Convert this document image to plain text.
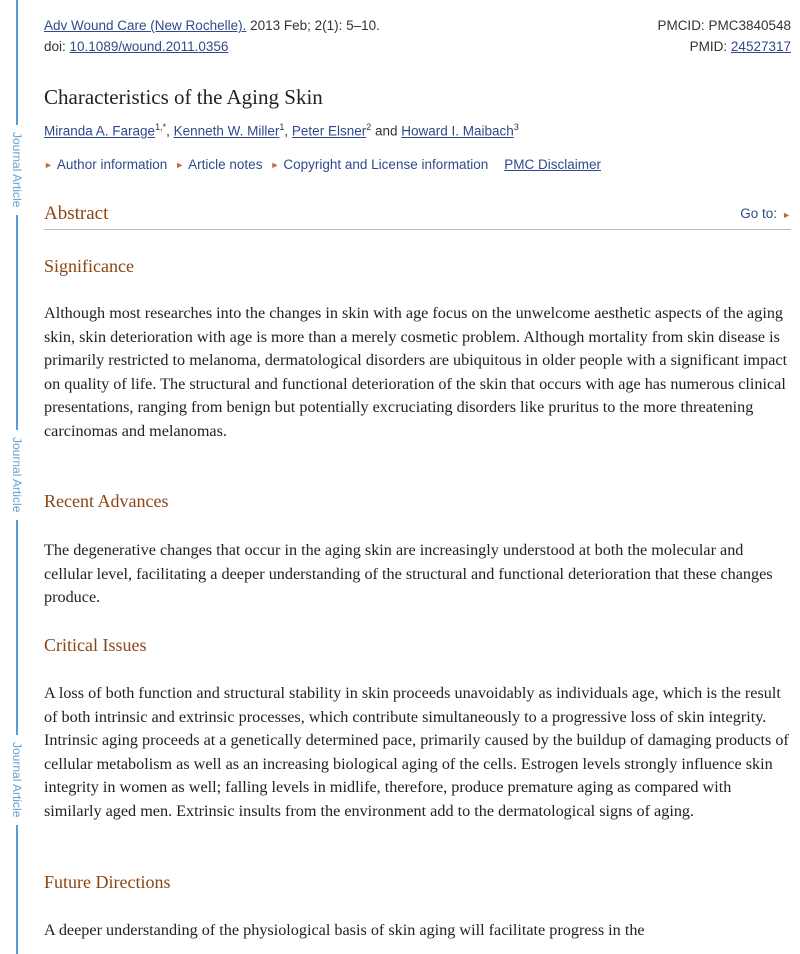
Journal Article
Journal Article
Journal Article
Adv Wound Care (New Rochelle). 2013 Feb; 2(1): 5–10.	PMCID: PMC3840548
doi: 10.1089/wound.2011.0356	PMID: 24527317
Characteristics of the Aging Skin
Miranda A. Farage$^{1,*}$, Kenneth W. Miller$^1$, Peter Elsner$^2$ and Howard I. Maibach$^3$
► Author information ► Article notes ► Copyright and License information PMC Disclaimer
Abstract	Go to: ►
Significance
Although most researches into the changes in skin with age focus on the unwelcome aesthetic aspects of the aging skin, skin deterioration with age is more than a merely cosmetic problem. Although mortality from skin disease is primarily restricted to melanoma, dermatological disorders are ubiquitous in older people with a significant impact on quality of life. The structural and functional deterioration of the skin that occurs with age has numerous clinical presentations, ranging from benign but potentially excruciating disorders like pruritus to the more threatening carcinomas and melanomas.
Recent Advances
The degenerative changes that occur in the aging skin are increasingly understood at both the molecular and cellular level, facilitating a deeper understanding of the structural and functional deterioration that these changes produce.
Critical Issues
A loss of both function and structural stability in skin proceeds unavoidably as individuals age, which is the result of both intrinsic and extrinsic processes, which contribute simultaneously to a progressive loss of skin integrity. Intrinsic aging proceeds at a genetically determined pace, primarily caused by the buildup of damaging products of cellular metabolism as well as an increasing biological aging of the cells. Estrogen levels strongly influence skin integrity in women as well; falling levels in midlife, therefore, produce premature aging as compared with similarly aged men. Extrinsic insults from the environment add to the dermatological signs of aging.
Future Directions
A deeper understanding of the physiological basis of skin aging will facilitate progress in the
